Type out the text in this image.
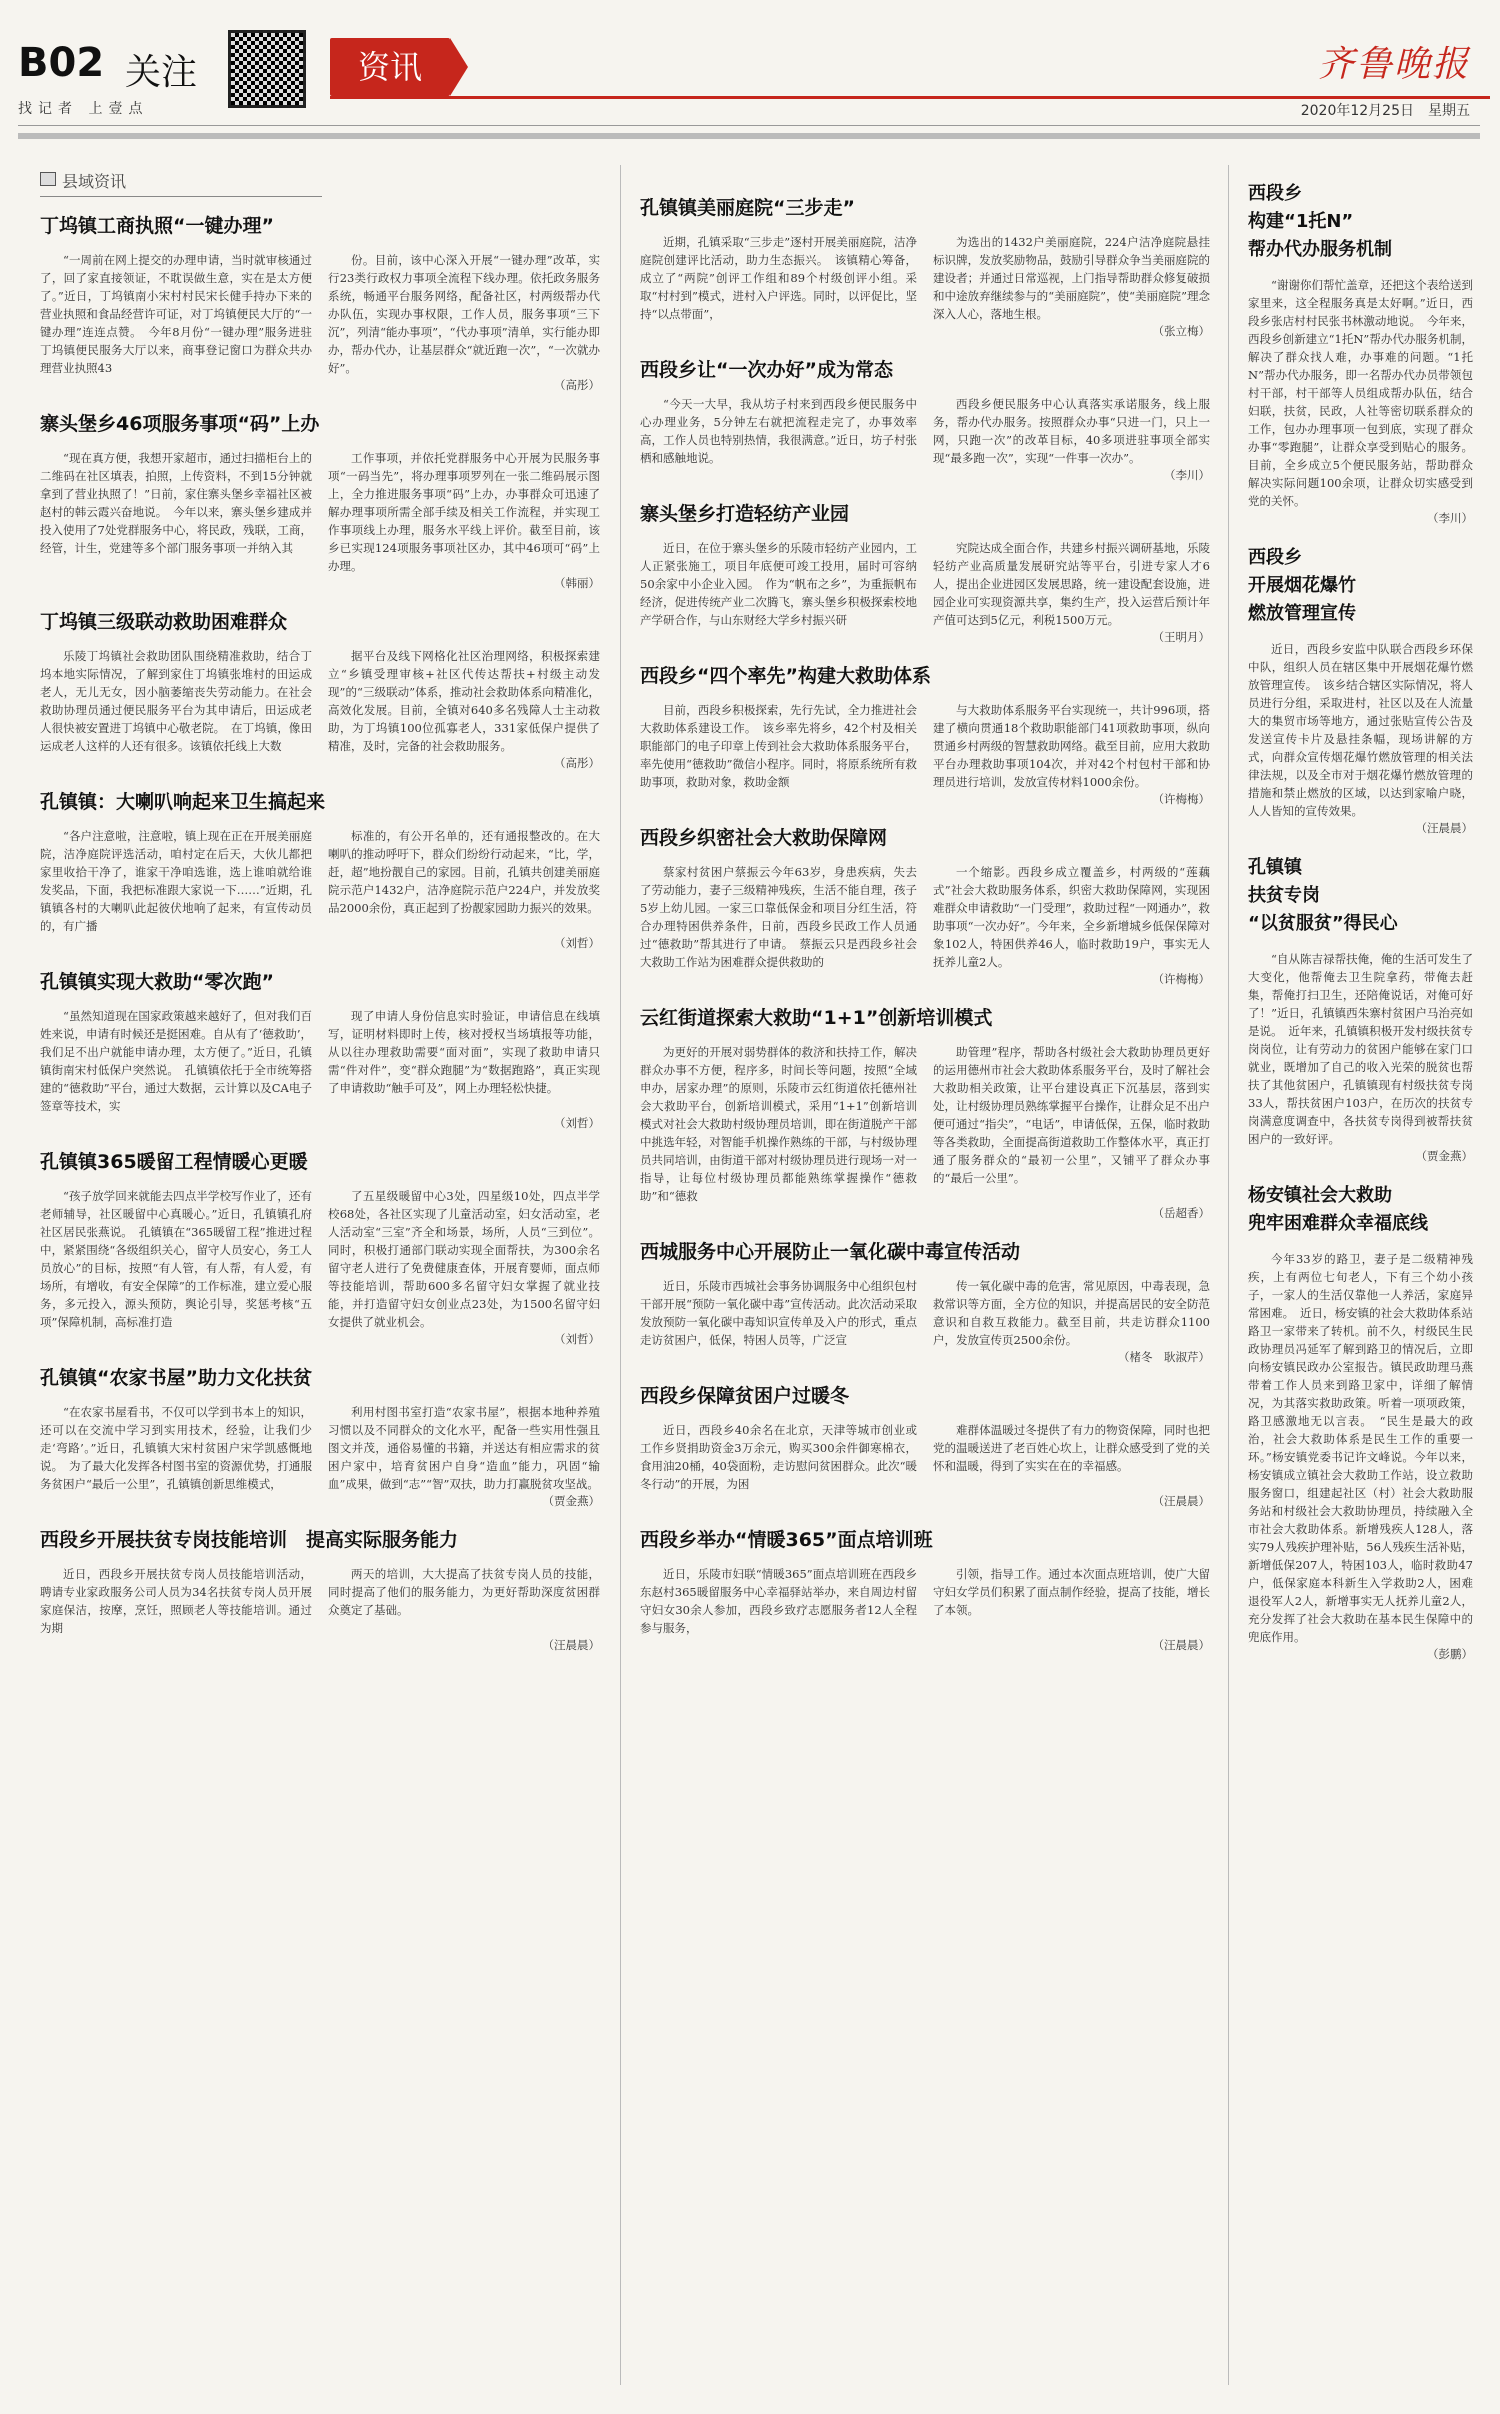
B02 关注
找记者 上壹点
资讯	齐鲁晚报
2020年12月25日　星期五
县域资讯
丁坞镇工商执照“一键办理”

“一周前在网上提交的办理申请，当时就审核通过了，回了家直接领证，不耽误做生意，实在是太方便了。”近日，丁坞镇南小宋村村民宋长健手持办下来的营业执照和食品经营许可证，对丁坞镇便民大厅的“一键办理”连连点赞。　今年8月份“一键办理”服务进驻丁坞镇便民服务大厅以来，商事登记窗口为群众共办理营业执照43

份。目前，该中心深入开展“一键办理”改革，实行23类行政权力事项全流程下线办理。依托政务服务系统，畅通平台服务网络，配备社区，村两级帮办代办队伍，实现办事权限，工作人员，服务事项“三下沉”，列清“能办事项”，“代办事项”清单，实行能办即办，帮办代办，让基层群众“就近跑一次”，“一次就办好”。

（高彤）
寨头堡乡46项服务事项“码”上办

“现在真方便，我想开家超市，通过扫描柜台上的二维码在社区填表，拍照，上传资料，不到15分钟就拿到了营业执照了！”日前，家住寨头堡乡幸福社区被赵村的韩云霞兴奋地说。　今年以来，寨头堡乡建成并投入使用了7处党群服务中心，将民政，残联，工商，经管，计生，党建等多个部门服务事项一并纳入其

工作事项，并依托党群服务中心开展为民服务事项“一码当先”，将办理事项罗列在一张二维码展示图上，全力推进服务事项“码”上办，办事群众可迅速了解办理事项所需全部手续及相关工作流程，并实现工作事项线上办理，服务水平线上评价。截至目前，该乡已实现124项服务事项社区办，其中46项可“码”上办理。

（韩丽）
丁坞镇三级联动救助困难群众

乐陵丁坞镇社会救助团队围绕精准救助，结合丁坞本地实际情况，了解到家住丁坞镇张堆村的田运成老人，无儿无女，因小脑萎缩丧失劳动能力。在社会救助协理员通过便民服务平台为其申请后，田运成老人很快被安置进丁坞镇中心敬老院。　在丁坞镇，像田运成老人这样的人还有很多。该镇依托线上大数

据平台及线下网格化社区治理网络，积极探索建立“乡镇受理审核+社区代传达帮扶+村级主动发现”的“三级联动”体系，推动社会救助体系向精准化，高效化发展。目前，全镇对640多名残障人士主动救助，为丁坞镇100位孤寡老人，331家低保户提供了精准，及时，完备的社会救助服务。

（高彤）
孔镇镇：大喇叭响起来卫生搞起来

“各户注意啦，注意啦，镇上现在正在开展美丽庭院，洁净庭院评选活动，咱村定在后天，大伙儿都把家里收拾干净了，谁家干净咱选谁，选上谁咱就给谁发奖品，下面，我把标准跟大家说一下……”近期，孔镇镇各村的大喇叭此起彼伏地响了起来，有宣传动员的，有广播

标准的，有公开名单的，还有通报整改的。在大喇叭的推动呼吁下，群众们纷纷行动起来，“比，学，赶，超”地扮靓自己的家园。目前，孔镇共创建美丽庭院示范户1432户，洁净庭院示范户224户，并发放奖品2000余份，真正起到了扮靓家园助力振兴的效果。

（刘哲）
孔镇镇实现大救助“零次跑”

“虽然知道现在国家政策越来越好了，但对我们百姓来说，申请有时候还是挺困难。自从有了‘德救助’，我们足不出户就能申请办理，太方便了。”近日，孔镇镇街南宋村低保户突然说。　孔镇镇依托于全市统筹搭建的“德救助”平台，通过大数据，云计算以及CA电子签章等技术，实

现了申请人身份信息实时验证，申请信息在线填写，证明材料即时上传，核对授权当场填报等功能，从以往办理救助需要“面对面”，实现了救助申请只需“件对件”，变“群众跑腿”为“数据跑路”，真正实现了申请救助“触手可及”，网上办理轻松快捷。

（刘哲）
孔镇镇365暖留工程情暖心更暖

“孩子放学回来就能去四点半学校写作业了，还有老师辅导，社区暖留中心真暖心。”近日，孔镇镇孔府社区居民张燕说。　孔镇镇在“365暖留工程”推进过程中，紧紧围绕“各级组织关心，留守人员安心，务工人员放心”的目标，按照“有人管，有人帮，有人爱，有场所，有增收，有安全保障”的工作标准，建立爱心服务，多元投入，源头预防，舆论引导，奖惩考核“五项”保障机制，高标准打造

了五星级暖留中心3处，四星级10处，四点半学校68处，各社区实现了儿童活动室，妇女活动室，老人活动室“三室”齐全和场景，场所，人员“三到位”。同时，积极打通部门联动实现全面帮扶，为300余名留守老人进行了免费健康查体，开展育婴师，面点师等技能培训，帮助600多名留守妇女掌握了就业技能，并打造留守妇女创业点23处，为1500名留守妇女提供了就业机会。

（刘哲）
孔镇镇“农家书屋”助力文化扶贫

“在农家书屋看书，不仅可以学到书本上的知识，还可以在交流中学习到实用技术，经验，让我们少走‘弯路’。”近日，孔镇镇大宋村贫困户宋学凯感慨地说。　为了最大化发挥各村图书室的资源优势，打通服务贫困户“最后一公里”，孔镇镇创新思维模式，

利用村图书室打造“农家书屋”，根据本地种养殖习惯以及不同群众的文化水平，配备一些实用性强且图文并茂，通俗易懂的书籍，并送达有相应需求的贫困户家中，培育贫困户自身“造血”能力，巩固“输血”成果，做到“志”“智”双扶，助力打赢脱贫攻坚战。

（贾金燕）
西段乡开展扶贫专岗技能培训　提高实际服务能力

近日，西段乡开展扶贫专岗人员技能培训活动，聘请专业家政服务公司人员为34名扶贫专岗人员开展家庭保洁，按摩，烹饪，照顾老人等技能培训。通过为期

两天的培训，大大提高了扶贫专岗人员的技能，同时提高了他们的服务能力，为更好帮助深度贫困群众奠定了基础。

（汪晨晨）
孔镇镇美丽庭院“三步走”

近期，孔镇采取“三步走”逐村开展美丽庭院，洁净庭院创建评比活动，助力生态振兴。　该镇精心筹备，成立了“两院”创评工作组和89个村级创评小组。采取“村村到”模式，进村入户评选。同时，以评促比，坚持“以点带面”，

为选出的1432户美丽庭院，224户洁净庭院悬挂标识牌，发放奖励物品，鼓励引导群众争当美丽庭院的建设者；并通过日常巡视，上门指导帮助群众修复破损和中途放弃继续参与的“美丽庭院”，使“美丽庭院”理念深入人心，落地生根。

（张立梅）
西段乡让“一次办好”成为常态

“今天一大早，我从坊子村来到西段乡便民服务中心办理业务，5分钟左右就把流程走完了，办事效率高，工作人员也特别热情，我很满意。”近日，坊子村张栖和感触地说。

西段乡便民服务中心认真落实承诺服务，线上服务，帮办代办服务。按照群众办事“只进一门，只上一网，只跑一次”的改革目标，40多项进驻事项全部实现“最多跑一次”，实现“一件事一次办”。

（李川）
寨头堡乡打造轻纺产业园

近日，在位于寨头堡乡的乐陵市轻纺产业园内，工人正紧张施工，项目年底便可竣工投用，届时可容纳50余家中小企业入园。　作为“帆布之乡”，为重振帆布经济，促进传统产业二次腾飞，寨头堡乡积极探索校地产学研合作，与山东财经大学乡村振兴研

究院达成全面合作，共建乡村振兴调研基地，乐陵轻纺产业高质量发展研究站等平台，引进专家人才6人，提出企业进园区发展思路，统一建设配套设施，进园企业可实现资源共享，集约生产，投入运营后预计年产值可达到5亿元，利税1500万元。

（王明月）
西段乡“四个率先”构建大救助体系

目前，西段乡积极探索，先行先试，全力推进社会大救助体系建设工作。　该乡率先将乡，42个村及相关职能部门的电子印章上传到社会大救助体系服务平台，率先使用“德救助”微信小程序。同时，将原系统所有救助事项，救助对象，救助金额

与大救助体系服务平台实现统一，共计996项，搭建了横向贯通18个救助职能部门41项救助事项，纵向贯通乡村两级的智慧救助网络。截至目前，应用大救助平台办理救助事项104次，并对42个村包村干部和协理员进行培训，发放宣传材料1000余份。

（许梅梅）
西段乡织密社会大救助保障网

蔡家村贫困户蔡振云今年63岁，身患疾病，失去了劳动能力，妻子三级精神残疾，生活不能自理，孩子5岁上幼儿园。一家三口靠低保金和项目分红生活，符合办理特困供养条件，日前，西段乡民政工作人员通过“德救助”帮其进行了申请。　蔡振云只是西段乡社会大救助工作站为困难群众提供救助的

一个缩影。西段乡成立覆盖乡，村两级的“莲藕式”社会大救助服务体系，织密大救助保障网，实现困难群众申请救助“一门受理”，救助过程“一网通办”，救助事项“一次办好”。今年来，全乡新增城乡低保保障对象102人，特困供养46人，临时救助19户，事实无人抚养儿童2人。

（许梅梅）
云红街道探索大救助“1+1”创新培训模式

为更好的开展对弱势群体的救济和扶持工作，解决群众办事不方便，程序多，时间长等问题，按照“全域申办，居家办理”的原则，乐陵市云红街道依托德州社会大救助平台，创新培训模式，采用“1+1”创新培训模式对社会大救助村级协理员培训，即在街道脱产干部中挑选年轻，对智能手机操作熟练的干部，与村级协理员共同培训，由街道干部对村级协理员进行现场一对一指导，让每位村级协理员都能熟练掌握操作“德救助”和“德救

助管理”程序，帮助各村级社会大救助协理员更好的运用德州市社会大救助体系服务平台，及时了解社会大救助相关政策，让平台建设真正下沉基层，落到实处，让村级协理员熟练掌握平台操作，让群众足不出户便可通过“指尖”，“电话”，申请低保，五保，临时救助等各类救助，全面提高街道救助工作整体水平，真正打通了服务群众的“最初一公里”，又铺平了群众办事的“最后一公里”。

（岳超香）
西城服务中心开展防止一氧化碳中毒宣传活动

近日，乐陵市西城社会事务协调服务中心组织包村干部开展“预防一氧化碳中毒”宣传活动。此次活动采取发放预防一氧化碳中毒知识宣传单及入户的形式，重点走访贫困户，低保，特困人员等，广泛宣

传一氧化碳中毒的危害，常见原因，中毒表现，急救常识等方面，全方位的知识，并提高居民的安全防范意识和自救互救能力。截至目前，共走访群众1100户，发放宣传页2500余份。

（楮冬　耿淑芹）
西段乡保障贫困户过暖冬

近日，西段乡40余名在北京，天津等城市创业或工作乡贤捐助资金3万余元，购买300余件御寒棉衣，食用油20桶，40袋面粉，走访慰问贫困群众。此次“暖冬行动”的开展，为困

难群体温暖过冬提供了有力的物资保障，同时也把党的温暖送进了老百姓心坎上，让群众感受到了党的关怀和温暖，得到了实实在在的幸福感。

（汪晨晨）
西段乡举办“情暖365”面点培训班

近日，乐陵市妇联“情暖365”面点培训班在西段乡东赵村365暖留服务中心幸福驿站举办，来自周边村留守妇女30余人参加，西段乡致疗志愿服务者12人全程参与服务，

引领，指导工作。通过本次面点班培训，使广大留守妇女学员们积累了面点制作经验，提高了技能，增长了本领。

（汪晨晨）
西段乡
构建“1托N”
帮办代办服务机制

“谢谢你们帮忙盖章，还把这个表给送到家里来，这全程服务真是太好啊。”近日，西段乡张店村村民张书林激动地说。　今年来，西段乡创新建立“1托N”帮办代办服务机制，解决了群众找人难，办事难的问题。“1托N”帮办代办服务，即一名帮办代办员带领包村干部，村干部等人员组成帮办队伍，结合妇联，扶贫，民政，人社等密切联系群众的工作，包办办理事项一包到底，实现了群众办事“零跑腿”，让群众享受到贴心的服务。目前，全乡成立5个便民服务站，帮助群众解决实际问题100余项，让群众切实感受到党的关怀。

（李川）
西段乡
开展烟花爆竹
燃放管理宣传

近日，西段乡安监中队联合西段乡环保中队，组织人员在辖区集中开展烟花爆竹燃放管理宣传。　该乡结合辖区实际情况，将人员进行分组，采取进村，社区以及在人流量大的集贸市场等地方，通过张贴宣传公告及发送宣传卡片及悬挂条幅，现场讲解的方式，向群众宣传烟花爆竹燃放管理的相关法律法规，以及全市对于烟花爆竹燃放管理的措施和禁止燃放的区域，以达到家喻户晓，人人皆知的宣传效果。

（汪晨晨）
孔镇镇
扶贫专岗
“以贫服贫”得民心

“自从陈吉禄帮扶俺，俺的生活可发生了大变化，他帮俺去卫生院拿药，带俺去赶集，帮俺打扫卫生，还陪俺说话，对俺可好了！”近日，孔镇镇西朱寨村贫困户马治亮如是说。　近年来，孔镇镇积极开发村级扶贫专岗岗位，让有劳动力的贫困户能够在家门口就业，既增加了自己的收入光荣的脱贫也帮扶了其他贫困户，孔镇镇现有村级扶贫专岗33人，帮扶贫困户103户，在历次的扶贫专岗满意度调查中，各扶贫专岗得到被帮扶贫困户的一致好评。

（贾金燕）
杨安镇社会大救助
兜牢困难群众幸福底线

今年33岁的路卫，妻子是二级精神残疾，上有两位七旬老人，下有三个幼小孩子，一家人的生活仅靠他一人养活，家庭异常困难。　近日，杨安镇的社会大救助体系站路卫一家带来了转机。前不久，村级民生民政协理员冯延军了解到路卫的情况后，立即向杨安镇民政办公室报告。镇民政助理马燕带着工作人员来到路卫家中，详细了解情况，为其落实救助政策。听着一项项政策，路卫感激地无以言表。　“民生是最大的政治，社会大救助体系是民生工作的重要一环。”杨安镇党委书记许文峰说。今年以来，杨安镇成立镇社会大救助工作站，设立救助服务窗口，组建起社区（村）社会大救助服务站和村级社会大救助协理员，持续融入全市社会大救助体系。新增残疾人128人，落实79人残疾护理补贴，56人残疾生活补贴，新增低保207人，特困103人，临时救助47户，低保家庭本科新生入学救助2人，困难退役军人2人，新增事实无人抚养儿童2人，充分发挥了社会大救助在基本民生保障中的兜底作用。

（彭鹏）
